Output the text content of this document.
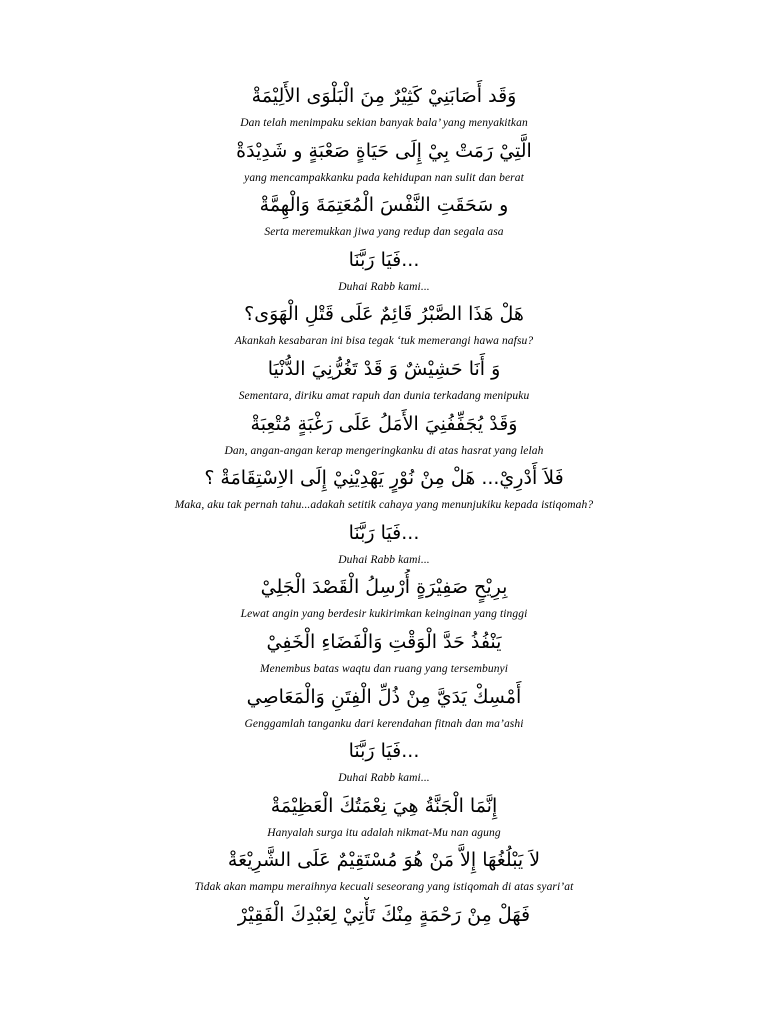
وَقَد أَصَابَنِيْ كَثِيْرٌ مِنَ الْبَلْوَى الأَلِيْمَةْ
Dan telah menimpaku sekian banyak bala’ yang menyakitkan
الَّتِيْ رَمَتْ بِيْ إِلَى حَيَاةٍ صَعْبَةٍ و شَدِيْدَةْ
yang mencampakkanku pada kehidupan nan sulit dan berat
و سَحَقَتِ النَّفْسَ الْمُعَتِمَةَ وَالْهِمَّةْ
Serta meremukkan jiwa yang redup dan segala asa
...فَيَا رَبَّنَا
Duhai Rabb kami...
هَلْ هَذَا الصَّبْرُ قَائِمٌ عَلَى قَتْلِ الْهَوَى؟
Akankah kesabaran ini bisa tegak ‘tuk memerangi hawa nafsu?
وَ أَنَا حَشِيْشٌ وَ قَدْ تَغُرُّنِيَ الدُّنْيَا
Sementara, diriku amat rapuh dan dunia terkadang menipuku
وَقَدْ يُجَفِّفُنِيَ الأَمَلُ عَلَى رَغْبَةٍ مُتْعِبَةْ
Dan, angan-angan kerap mengeringkanku di atas hasrat yang lelah
فَلاَ أَدْرِيْ... هَلْ مِنْ نُوْرٍ يَهْدِيْنِيْ إِلَى الاِسْتِقَامَةْ ؟
Maka, aku tak pernah tahu...adakah setitik cahaya yang menunjukiku kepada istiqomah?
...فَيَا رَبَّنَا
Duhai Rabb kami...
بِرِيْحٍ صَفِيْرَةٍ أُرْسِلُ الْقَصْدَ الْجَلِيْ
Lewat angin yang berdesir kukirimkan keinginan yang tinggi
يَنْفُذُ حَدَّ الْوَقْتِ وَالْفَضَاءِ الْخَفِيْ
Menembus batas waqtu dan ruang yang tersembunyi
أَمْسِكْ يَدَيَّ مِنْ ذُلِّ الْفِتَنِ وَالْمَعَاصِي
Genggamlah tanganku dari kerendahan fitnah dan ma’ashi
...فَيَا رَبَّنَا
Duhai Rabb kami...
إِنَّمَا الْجَنَّةُ هِيَ نِعْمَتُكَ الْعَظِيْمَةْ
Hanyalah surga itu adalah nikmat-Mu nan agung
لاَ يَبْلُغُهَا إِلاَّ مَنْ هُوَ مُسْتَقِيْمٌ عَلَى الشَّرِيْعَةْ
Tidak akan mampu meraihnya kecuali seseorang yang istiqomah di atas syari’at
فَهَلْ مِنْ رَحْمَةٍ مِنْكَ تَأْتِيْ لِعَبْدِكَ الْفَقِيْرْ
